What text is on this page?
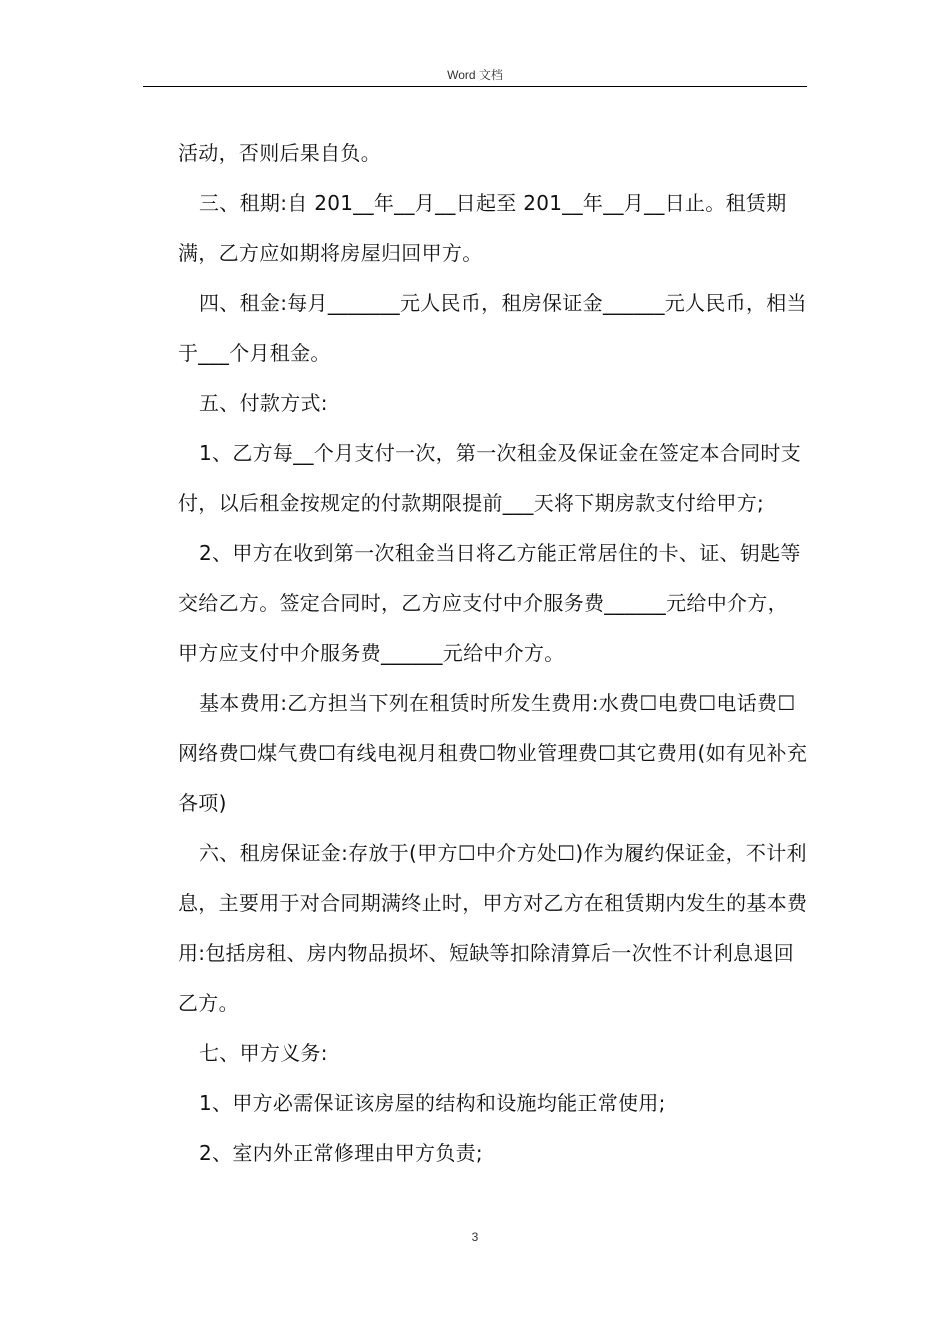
Word 文档

活动，否则后果自负。

三、租期:自 201__年__月__日起至 201__年__月__日止。租赁期满，乙方应如期将房屋归回甲方。

四、租金:每月_______元人民币，租房保证金______元人民币，相当于___个月租金。

五、付款方式:

1、乙方每__个月支付一次，第一次租金及保证金在签定本合同时支付，以后租金按规定的付款期限提前___天将下期房款支付给甲方;

2、甲方在收到第一次租金当日将乙方能正常居住的卡、证、钥匙等交给乙方。签定合同时，乙方应支付中介服务费______元给中介方，甲方应支付中介服务费______元给中介方。

基本费用:乙方担当下列在租赁时所发生费用:水费☐电费☐电话费☐网络费☐煤气费☐有线电视月租费☐物业管理费☐其它费用(如有见补充各项)

六、租房保证金:存放于(甲方☐中介方处☐)作为履约保证金，不计利息，主要用于对合同期满终止时，甲方对乙方在租赁期内发生的基本费用:包括房租、房内物品损坏、短缺等扣除清算后一次性不计利息退回乙方。

七、甲方义务:

1、甲方必需保证该房屋的结构和设施均能正常使用;

2、室内外正常修理由甲方负责;

3
